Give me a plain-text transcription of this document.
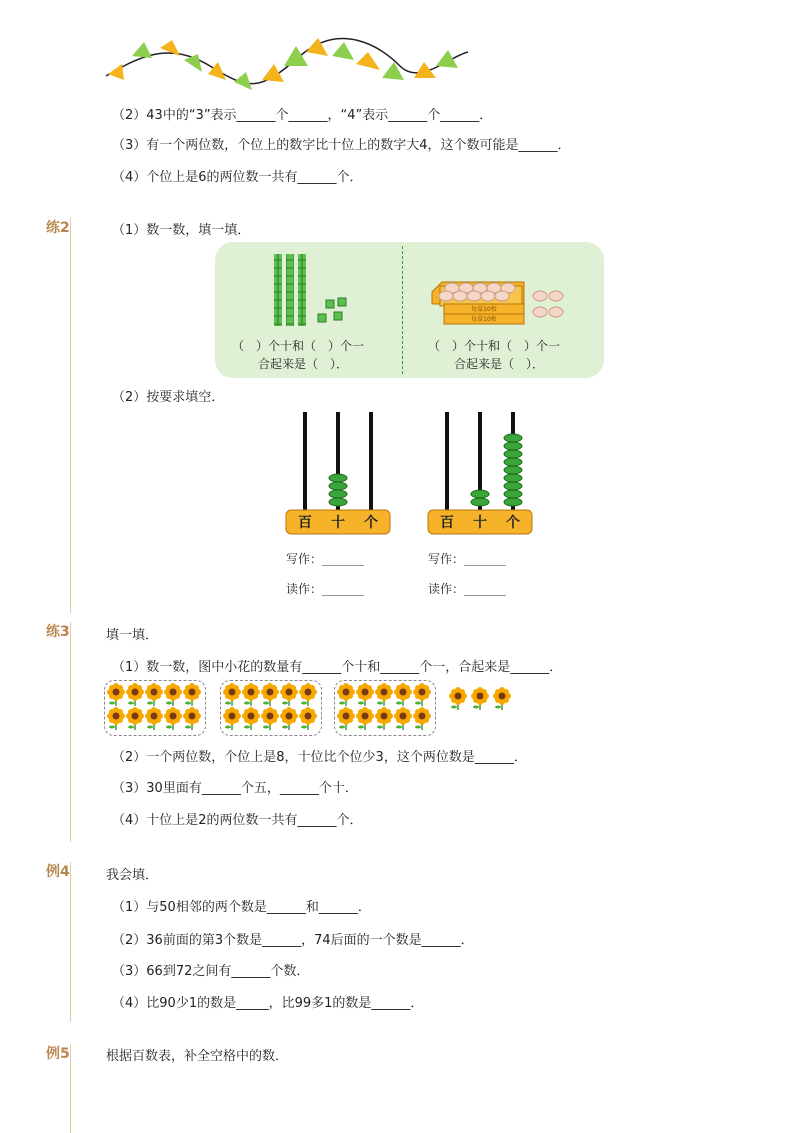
（2）43中的“3”表示______个______，“4”表示______个______．
（3）有一个两位数，个位上的数字比十位上的数字大4，这个数可能是______．
（4）个位上是6的两位数一共有______个．
练2	（1）数一数，填一填．
（　）个十和（　）个一
合起来是（　）．
每盒10枚
每盒10枚
（　）个十和（　）个一
合起来是（　）．
（2）按要求填空．
百 十 个	百 十 个
写作：_______
读作：_______
写作：_______
读作：_______
练3	填一填．
（1）数一数，图中小花的数量有______个十和______个一，合起来是______．
（2）一个两位数，个位上是8，十位比个位少3，这个两位数是______．
（3）30里面有______个五，______个十．
（4）十位上是2的两位数一共有______个．
例4	我会填．
（1）与50相邻的两个数是______和______．
（2）36前面的第3个数是______，74后面的一个数是______．
（3）66到72之间有______个数．
（4）比90少1的数是_____，比99多1的数是______．
例5	根据百数表，补全空格中的数．
